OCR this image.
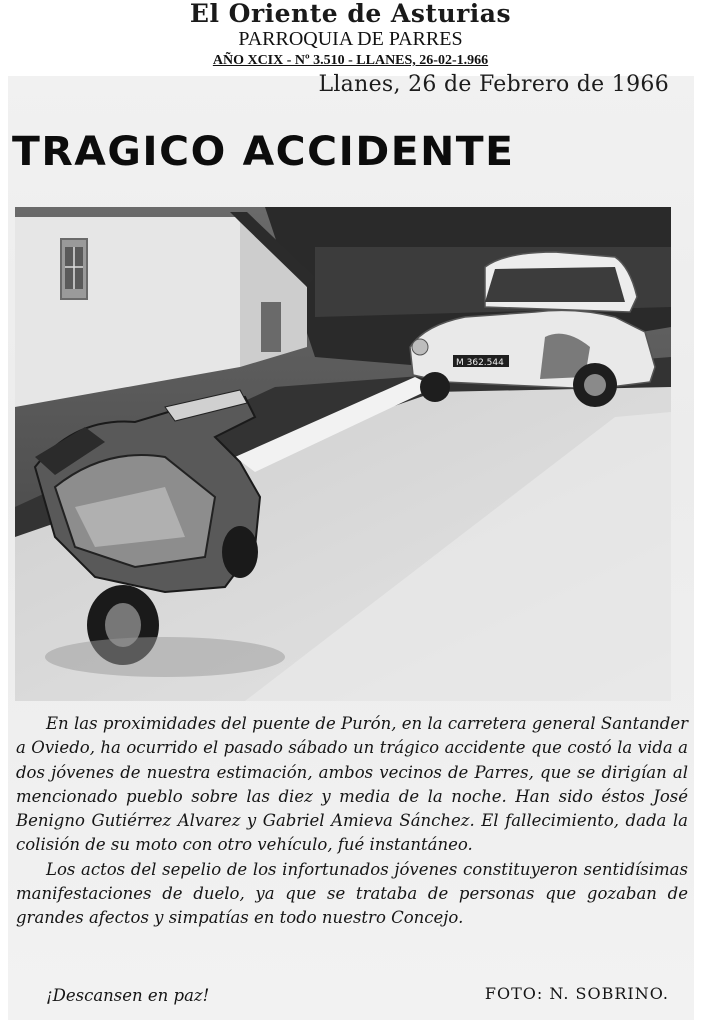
El Oriente de Asturias
PARROQUIA DE PARRES
AÑO XCIX - Nº 3.510 - LLANES, 26-02-1.966
Llanes, 26 de Febrero de 1966
TRAGICO ACCIDENTE
M 362.544

En las proximidades del puente de Purón, en la carretera general Santander a Oviedo, ha ocurrido el pasado sábado un trágico accidente que costó la vida a dos jóvenes de nuestra estimación, ambos vecinos de Parres, que se dirigían al mencionado pueblo sobre las diez y media de la noche. Han sido éstos José Benigno Gutiérrez Alvarez y Gabriel Amieva Sánchez. El fallecimiento, dada la colisión de su moto con otro vehículo, fué instantáneo.

Los actos del sepelio de los infortunados jóvenes constituyeron sentidísimas manifestaciones de duelo, ya que se trataba de personas que gozaban de grandes afectos y simpatías en todo nuestro Concejo.

¡Descansen en paz!	FOTO: N. SOBRINO.
